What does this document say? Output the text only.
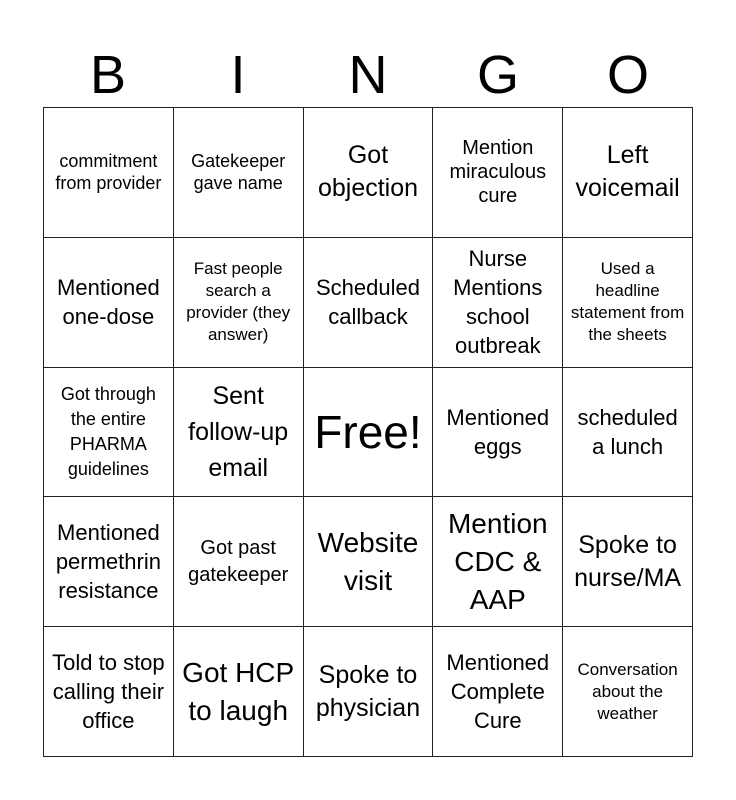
B	I	N	G	O
commitment from provider
Gatekeeper gave name
Got objection
Mention miraculous cure
Left voicemail
Mentioned one-dose
Fast people search a provider (they answer)
Scheduled callback
Nurse Mentions school outbreak
Used a headline statement from the sheets
Got through the entire PHARMA guidelines
Sent follow-up email
Free!	Mentioned eggs
scheduled a lunch
Mentioned permethrin resistance
Got past gatekeeper
Website visit
Mention CDC & AAP
Spoke to nurse/MA
Told to stop calling their office
Got HCP to laugh
Spoke to physician
Mentioned Complete Cure
Conversation about the weather
